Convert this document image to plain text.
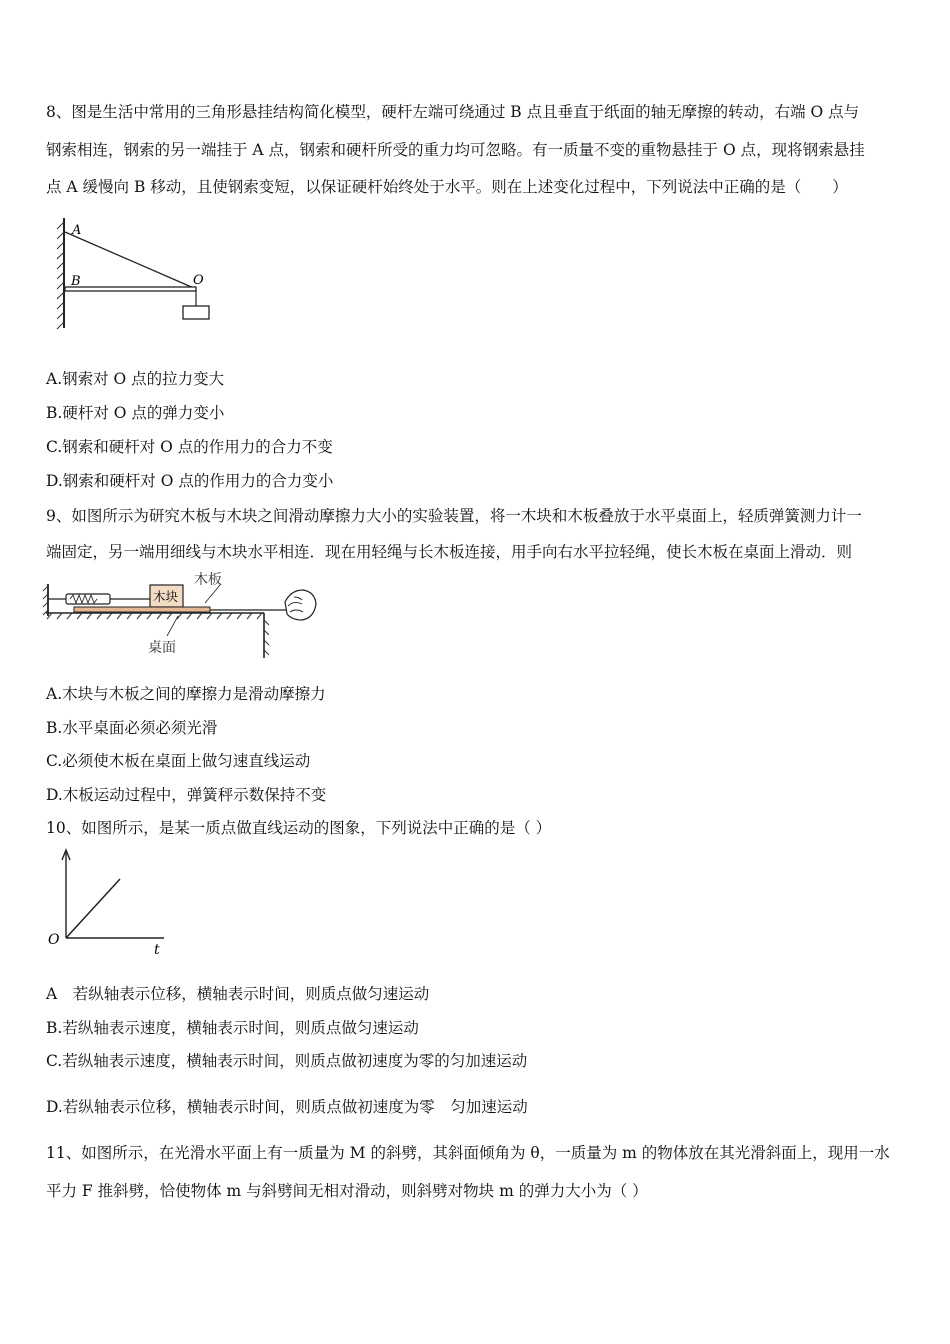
8、图是生活中常用的三角形悬挂结构简化模型，硬杆左端可绕通过 B 点且垂直于纸面的轴无摩擦的转动，右端 O 点与
钢索相连，钢索的另一端挂于 A 点，钢索和硬杆所受的重力均可忽略。有一质量不变的重物悬挂于 O 点，现将钢索悬挂
点 A 缓慢向 B 移动，且使钢索变短，以保证硬杆始终处于水平。则在上述变化过程中，下列说法中正确的是（　　）
A
B	O
A.钢索对 O 点的拉力变大
B.硬杆对 O 点的弹力变小
C.钢索和硬杆对 O 点的作用力的合力不变
D.钢索和硬杆对 O 点的作用力的合力变小
9、如图所示为研究木板与木块之间滑动摩擦力大小的实验装置，将一木块和木板叠放于水平桌面上，轻质弹簧测力计一
端固定，另一端用细线与木块水平相连．现在用轻绳与长木板连接，用手向右水平拉轻绳，使长木板在桌面上滑动．则
木块
木板
桌面
A.木块与木板之间的摩擦力是滑动摩擦力
B.水平桌面必须必须光滑
C.必须使木板在桌面上做匀速直线运动
D.木板运动过程中，弹簧秤示数保持不变
10、如图所示，是某一质点做直线运动的图象，下列说法中正确的是（ ）
O
t
A　若纵轴表示位移，横轴表示时间，则质点做匀速运动
B.若纵轴表示速度，横轴表示时间，则质点做匀速运动
C.若纵轴表示速度，横轴表示时间，则质点做初速度为零的匀加速运动
D.若纵轴表示位移，横轴表示时间，则质点做初速度为零　匀加速运动
11、如图所示，在光滑水平面上有一质量为 M 的斜劈，其斜面倾角为 θ，一质量为 m 的物体放在其光滑斜面上，现用一水
平力 F 推斜劈，恰使物体 m 与斜劈间无相对滑动，则斜劈对物块 m 的弹力大小为（ ）
